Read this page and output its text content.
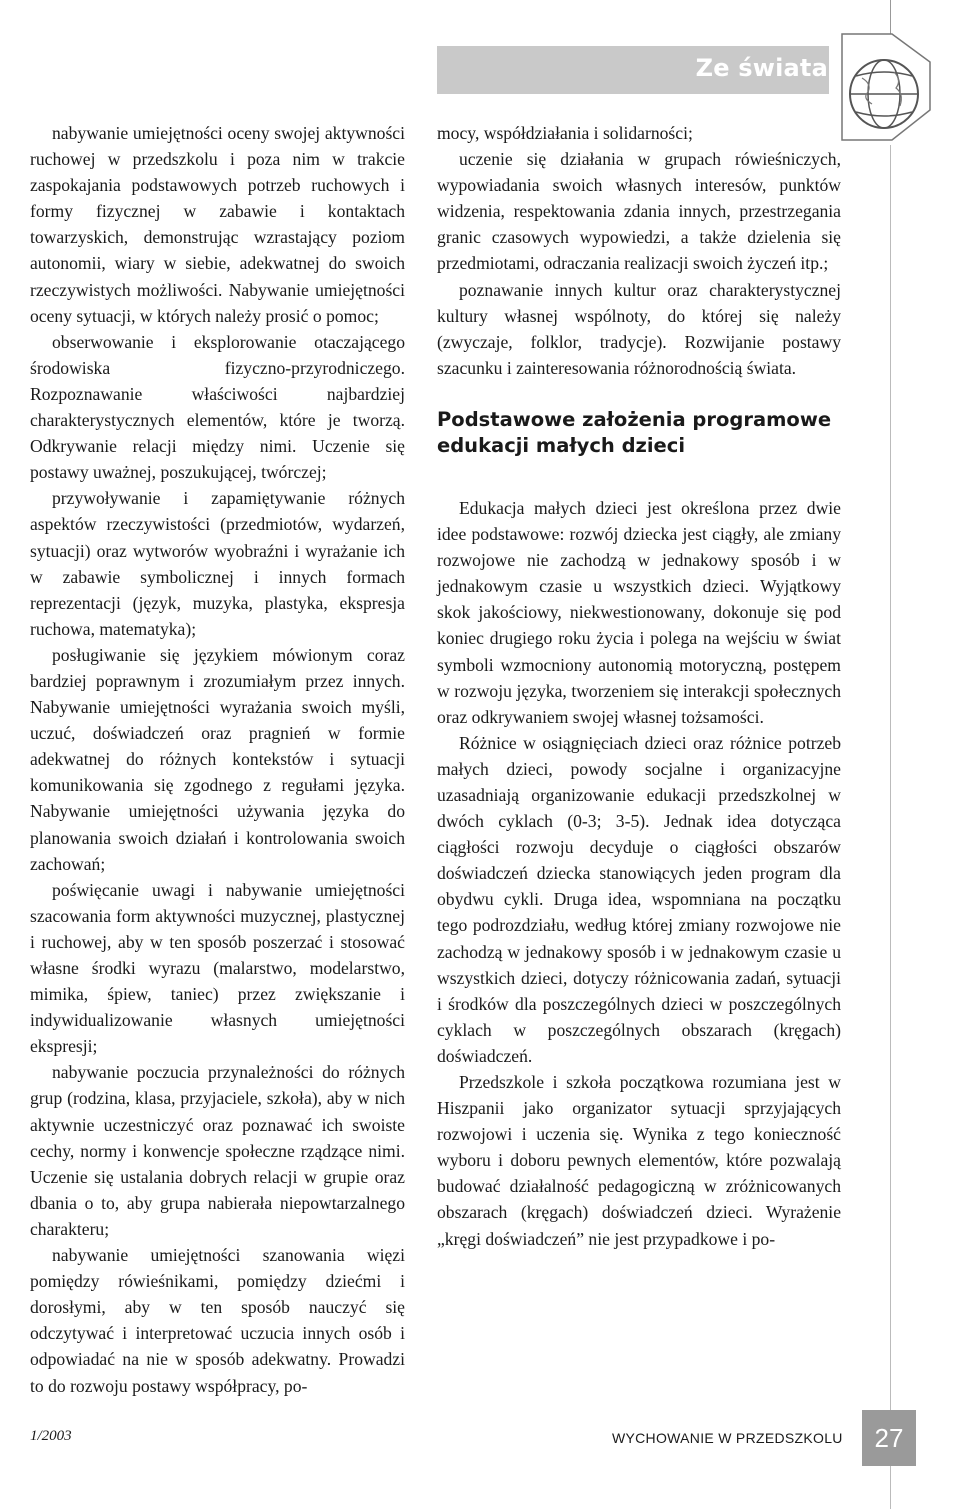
Ze świata

nabywanie umiejętności oceny swojej aktywności ruchowej w przedszkolu i poza nim w trakcie zaspokajania podstawowych potrzeb ruchowych i formy fizycznej w zabawie i kontaktach towarzyskich, demonstrując wzrastający poziom autonomii, wiary w siebie, adekwatnej do swoich rzeczywistych możliwości. Nabywanie umiejętności oceny sytuacji, w których należy prosić o pomoc;

obserwowanie i eksplorowanie otaczającego środowiska fizyczno-przyrodniczego. Rozpoznawanie właściwości najbardziej charakterystycznych elementów, które je tworzą. Odkrywanie relacji między nimi. Uczenie się postawy uważnej, poszukującej, twórczej;

przywoływanie i zapamiętywanie różnych aspektów rzeczywistości (przedmiotów, wydarzeń, sytuacji) oraz wytworów wyobraźni i wyrażanie ich w zabawie symbolicznej i innych formach reprezentacji (język, muzyka, plastyka, ekspresja ruchowa, matematyka);

posługiwanie się językiem mówionym coraz bardziej poprawnym i zrozumiałym przez innych. Nabywanie umiejętności wyrażania swoich myśli, uczuć, doświadczeń oraz pragnień w formie adekwatnej do różnych kontekstów i sytuacji komunikowania się zgodnego z regułami języka. Nabywanie umiejętności używania języka do planowania swoich działań i kontrolowania swoich zachowań;

poświęcanie uwagi i nabywanie umiejętności szacowania form aktywności muzycznej, plastycznej i ruchowej, aby w ten sposób poszerzać i stosować własne środki wyrazu (malarstwo, modelarstwo, mimika, śpiew, taniec) przez zwiększanie i indywidualizowanie własnych umiejętności ekspresji;

nabywanie poczucia przynależności do różnych grup (rodzina, klasa, przyjaciele, szkoła), aby w nich aktywnie uczestniczyć oraz poznawać ich swoiste cechy, normy i konwencje społeczne rządzące nimi. Uczenie się ustalania dobrych relacji w grupie oraz dbania o to, aby grupa nabierała niepowtarzalnego charakteru;

nabywanie umiejętności szanowania więzi pomiędzy rówieśnikami, pomiędzy dziećmi i dorosłymi, aby w ten sposób nauczyć się odczytywać i interpretować uczucia innych osób i odpowiadać na nie w sposób adekwatny. Prowadzi to do rozwoju postawy współpracy, po-

mocy, współdziałania i solidarności;

uczenie się działania w grupach rówieśniczych, wypowiadania swoich własnych interesów, punktów widzenia, respektowania zdania innych, przestrzegania granic czasowych wypowiedzi, a także dzielenia się przedmiotami, odraczania realizacji swoich życzeń itp.;

poznawanie innych kultur oraz charakterystycznej kultury własnej wspólnoty, do której się należy (zwyczaje, folklor, tradycje). Rozwijanie postawy szacunku i zainteresowania różnorodnością świata.

Podstawowe założenia programowe edukacji małych dzieci

Edukacja małych dzieci jest określona przez dwie idee podstawowe: rozwój dziecka jest ciągły, ale zmiany rozwojowe nie zachodzą w jednakowy sposób i w jednakowym czasie u wszystkich dzieci. Wyjątkowy skok jakościowy, niekwestionowany, dokonuje się pod koniec drugiego roku życia i polega na wejściu w świat symboli wzmocniony autonomią motoryczną, postępem w rozwoju języka, tworzeniem się interakcji społecznych oraz odkrywaniem swojej własnej tożsamości.

Różnice w osiągnięciach dzieci oraz różnice potrzeb małych dzieci, powody socjalne i organizacyjne uzasadniają organizowanie edukacji przedszkolnej w dwóch cyklach (0-3; 3-5). Jednak idea dotycząca ciągłości rozwoju decyduje o ciągłości obszarów doświadczeń dziecka stanowiących jeden program dla obydwu cykli. Druga idea, wspomniana na początku tego podrozdziału, według której zmiany rozwojowe nie zachodzą w jednakowy sposób i w jednakowym czasie u wszystkich dzieci, dotyczy różnicowania zadań, sytuacji i środków dla poszczególnych dzieci w poszczególnych cyklach w poszczególnych obszarach (kręgach) doświadczeń.

Przedszkole i szkoła początkowa rozumiana jest w Hiszpanii jako organizator sytuacji sprzyjających rozwojowi i uczenia się. Wynika z tego konieczność wyboru i doboru pewnych elementów, które pozwalają budować działalność pedagogiczną w zróżnicowanych obszarach (kręgach) doświadczeń dzieci. Wyrażenie „kręgi doświadczeń” nie jest przypadkowe i po-

1/2003	WYCHOWANIE W PRZEDSZKOLU	27
